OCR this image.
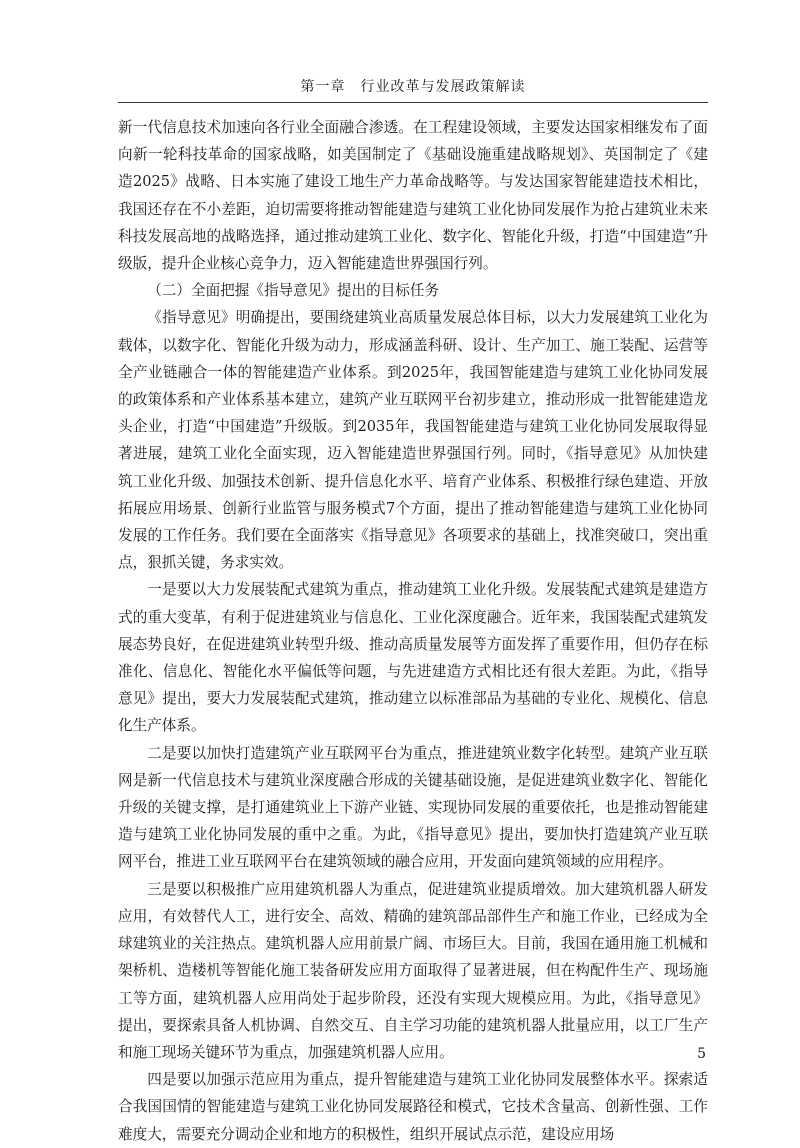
第一章　行业改革与发展政策解读

新一代信息技术加速向各行业全面融合渗透。在工程建设领域，主要发达国家相继发布了面向新一轮科技革命的国家战略，如美国制定了《基础设施重建战略规划》、英国制定了《建造2025》战略、日本实施了建设工地生产力革命战略等。与发达国家智能建造技术相比，我国还存在不小差距，迫切需要将推动智能建造与建筑工业化协同发展作为抢占建筑业未来科技发展高地的战略选择，通过推动建筑工业化、数字化、智能化升级，打造“中国建造”升级版，提升企业核心竞争力，迈入智能建造世界强国行列。

（二）全面把握《指导意见》提出的目标任务

《指导意见》明确提出，要围绕建筑业高质量发展总体目标，以大力发展建筑工业化为载体，以数字化、智能化升级为动力，形成涵盖科研、设计、生产加工、施工装配、运营等全产业链融合一体的智能建造产业体系。到2025年，我国智能建造与建筑工业化协同发展的政策体系和产业体系基本建立，建筑产业互联网平台初步建立，推动形成一批智能建造龙头企业，打造“中国建造”升级版。到2035年，我国智能建造与建筑工业化协同发展取得显著进展，建筑工业化全面实现，迈入智能建造世界强国行列。同时，《指导意见》从加快建筑工业化升级、加强技术创新、提升信息化水平、培育产业体系、积极推行绿色建造、开放拓展应用场景、创新行业监管与服务模式7个方面，提出了推动智能建造与建筑工业化协同发展的工作任务。我们要在全面落实《指导意见》各项要求的基础上，找准突破口，突出重点，狠抓关键，务求实效。

一是要以大力发展装配式建筑为重点，推动建筑工业化升级。发展装配式建筑是建造方式的重大变革，有利于促进建筑业与信息化、工业化深度融合。近年来，我国装配式建筑发展态势良好，在促进建筑业转型升级、推动高质量发展等方面发挥了重要作用，但仍存在标准化、信息化、智能化水平偏低等问题，与先进建造方式相比还有很大差距。为此，《指导意见》提出，要大力发展装配式建筑，推动建立以标准部品为基础的专业化、规模化、信息化生产体系。

二是要以加快打造建筑产业互联网平台为重点，推进建筑业数字化转型。建筑产业互联网是新一代信息技术与建筑业深度融合形成的关键基础设施，是促进建筑业数字化、智能化升级的关键支撑，是打通建筑业上下游产业链、实现协同发展的重要依托，也是推动智能建造与建筑工业化协同发展的重中之重。为此，《指导意见》提出，要加快打造建筑产业互联网平台，推进工业互联网平台在建筑领域的融合应用，开发面向建筑领域的应用程序。

三是要以积极推广应用建筑机器人为重点，促进建筑业提质增效。加大建筑机器人研发应用，有效替代人工，进行安全、高效、精确的建筑部品部件生产和施工作业，已经成为全球建筑业的关注热点。建筑机器人应用前景广阔、市场巨大。目前，我国在通用施工机械和架桥机、造楼机等智能化施工装备研发应用方面取得了显著进展，但在构配件生产、现场施工等方面，建筑机器人应用尚处于起步阶段，还没有实现大规模应用。为此，《指导意见》提出，要探索具备人机协调、自然交互、自主学习功能的建筑机器人批量应用，以工厂生产和施工现场关键环节为重点，加强建筑机器人应用。

四是要以加强示范应用为重点，提升智能建造与建筑工业化协同发展整体水平。探索适合我国国情的智能建造与建筑工业化协同发展路径和模式，它技术含量高、创新性强、工作难度大，需要充分调动企业和地方的积极性，组织开展试点示范，建设应用场

5
